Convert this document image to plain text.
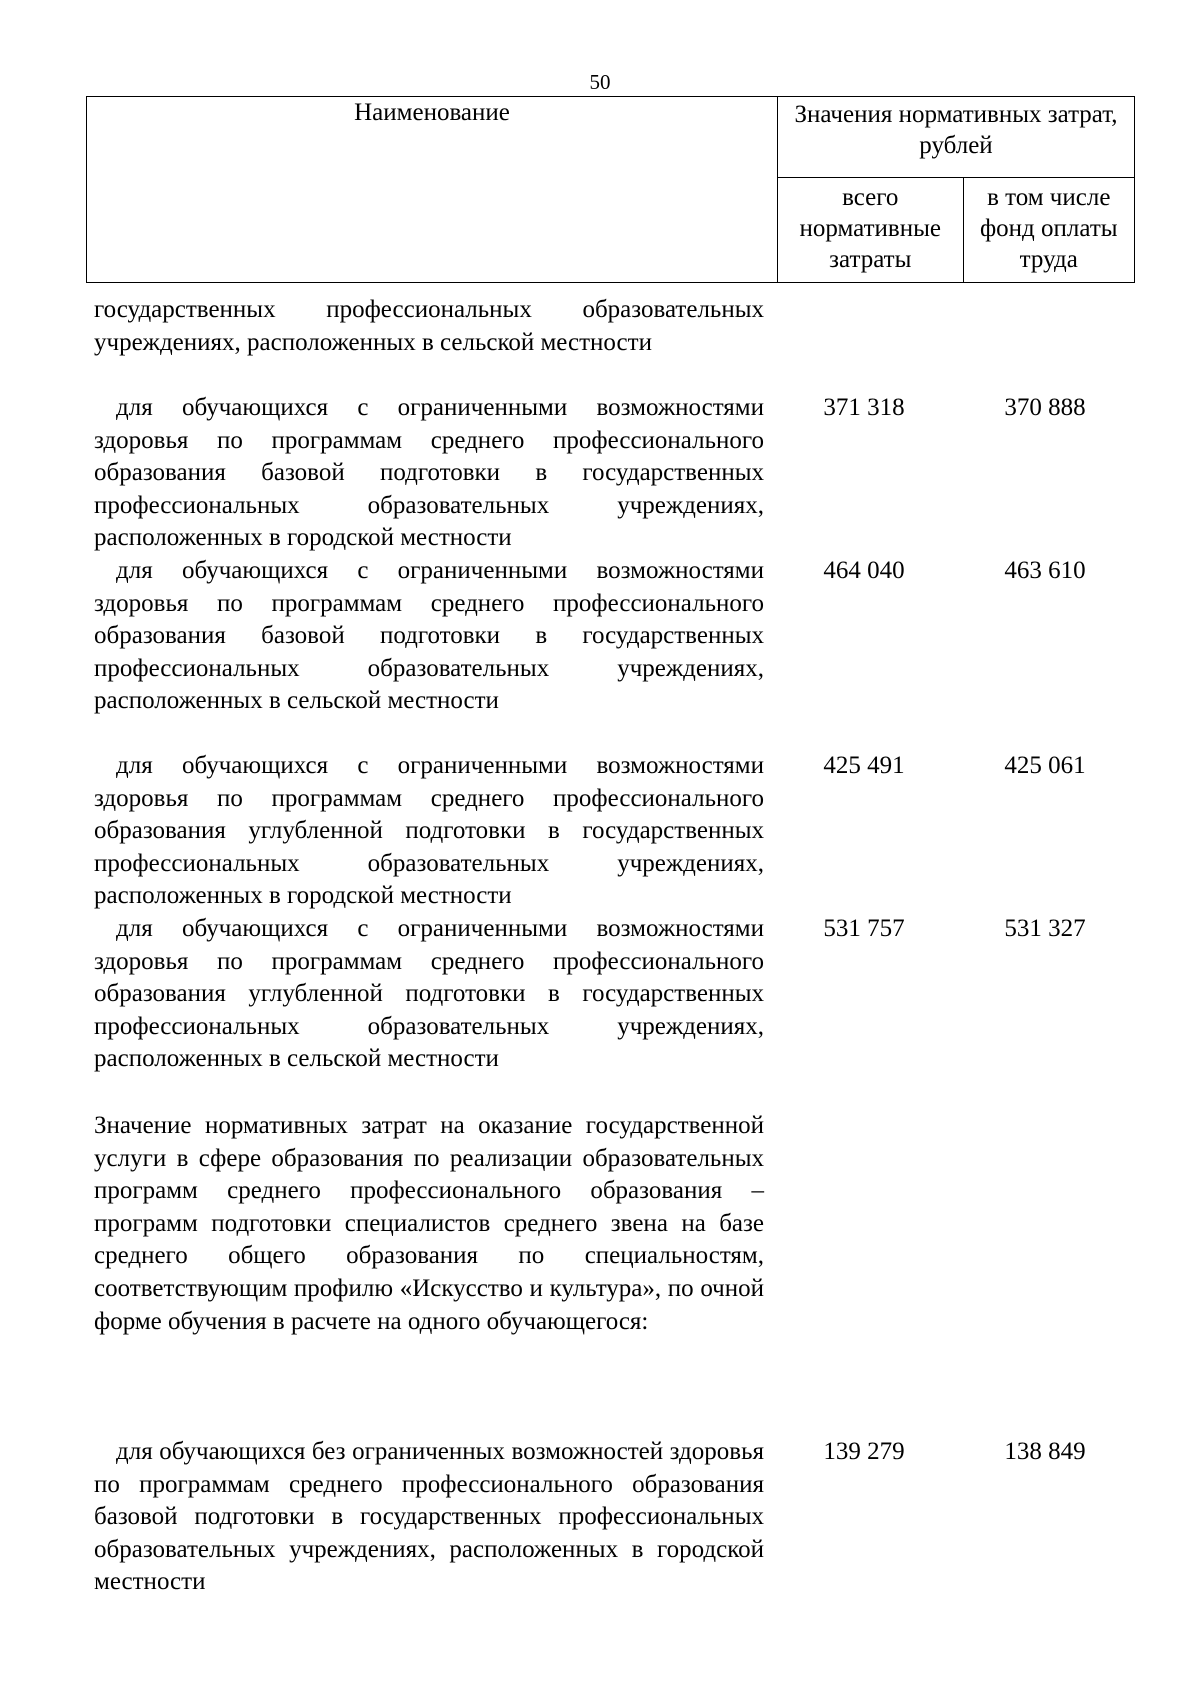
50
Наименование	Значения нормативных затрат, рублей	
	всего нормативные затраты	в том числе фонд оплаты труда
государственных профессиональных образовательных учреждениях, расположенных в сельской местности
для обучающихся с ограниченными возможностями здоровья по программам среднего профессионального образования базовой подготовки в государственных профессиональных образовательных учреждениях, расположенных в городской местности
371 318	370 888
для обучающихся с ограниченными возможностями здоровья по программам среднего профессионального образования базовой подготовки в государственных профессиональных образовательных учреждениях, расположенных в сельской местности
464 040	463 610
для обучающихся с ограниченными возможностями здоровья по программам среднего профессионального образования углубленной подготовки в государственных профессиональных образовательных учреждениях, расположенных в городской местности
425 491	425 061
для обучающихся с ограниченными возможностями здоровья по программам среднего профессионального образования углубленной подготовки в государственных профессиональных образовательных учреждениях, расположенных в сельской местности
531 757	531 327
Значение нормативных затрат на оказание государственной услуги в сфере образования по реализации образовательных программ среднего профессионального образования – программ подготовки специалистов среднего звена на базе среднего общего образования по специальностям, соответствующим профилю «Искусство и культура», по очной форме обучения в расчете на одного обучающегося:
для обучающихся без ограниченных возможностей здоровья по программам среднего профессионального образования базовой подготовки в государственных профессиональных образовательных учреждениях, расположенных в городской местности
139 279	138 849
